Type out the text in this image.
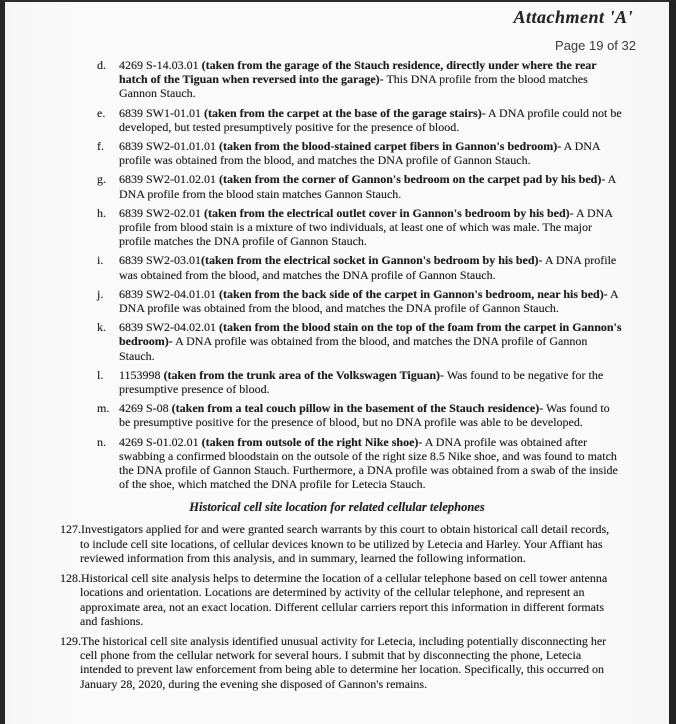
Attachment 'A'
Page 19 of 32
d.	4269 S-14.03.01 (taken from the garage of the Stauch residence, directly under where the rear hatch of the Tiguan when reversed into the garage)- This DNA profile from the blood matches Gannon Stauch.
e.	6839 SW1-01.01 (taken from the carpet at the base of the garage stairs)- A DNA profile could not be developed, but tested presumptively positive for the presence of blood.
f.	6839 SW2-01.01.01 (taken from the blood-stained carpet fibers in Gannon's bedroom)- A DNA profile was obtained from the blood, and matches the DNA profile of Gannon Stauch.
g.	6839 SW2-01.02.01 (taken from the corner of Gannon's bedroom on the carpet pad by his bed)- A DNA profile from the blood stain matches Gannon Stauch.
h.	6839 SW2-02.01 (taken from the electrical outlet cover in Gannon's bedroom by his bed)- A DNA profile from blood stain is a mixture of two individuals, at least one of which was male. The major profile matches the DNA profile of Gannon Stauch.
i.	6839 SW2-03.01(taken from the electrical socket in Gannon's bedroom by his bed)- A DNA profile was obtained from the blood, and matches the DNA profile of Gannon Stauch.
j.	6839 SW2-04.01.01 (taken from the back side of the carpet in Gannon's bedroom, near his bed)- A DNA profile was obtained from the blood, and matches the DNA profile of Gannon Stauch.
k.	6839 SW2-04.02.01 (taken from the blood stain on the top of the foam from the carpet in Gannon's bedroom)- A DNA profile was obtained from the blood, and matches the DNA profile of Gannon Stauch.
l.	1153998 (taken from the trunk area of the Volkswagen Tiguan)- Was found to be negative for the presumptive presence of blood.
m. 4269 S-08 (taken from a teal couch pillow in the basement of the Stauch residence)- Was found to be presumptive positive for the presence of blood, but no DNA profile was able to be developed.
n.	4269 S-01.02.01 (taken from outsole of the right Nike shoe)- A DNA profile was obtained after swabbing a confirmed bloodstain on the outsole of the right size 8.5 Nike shoe, and was found to match the DNA profile of Gannon Stauch. Furthermore, a DNA profile was obtained from a swab of the inside of the shoe, which matched the DNA profile for Letecia Stauch.
Historical cell site location for related cellular telephones

127.Investigators applied for and were granted search warrants by this court to obtain historical call detail records, to include cell site locations, of cellular devices known to be utilized by Letecia and Harley. Your Affiant has reviewed information from this analysis, and in summary, learned the following information.

128.Historical cell site analysis helps to determine the location of a cellular telephone based on cell tower antenna locations and orientation. Locations are determined by activity of the cellular telephone, and represent an approximate area, not an exact location. Different cellular carriers report this information in different formats and fashions.

129.The historical cell site analysis identified unusual activity for Letecia, including potentially disconnecting her cell phone from the cellular network for several hours. I submit that by disconnecting the phone, Letecia intended to prevent law enforcement from being able to determine her location. Specifically, this occurred on January 28, 2020, during the evening she disposed of Gannon's remains.
